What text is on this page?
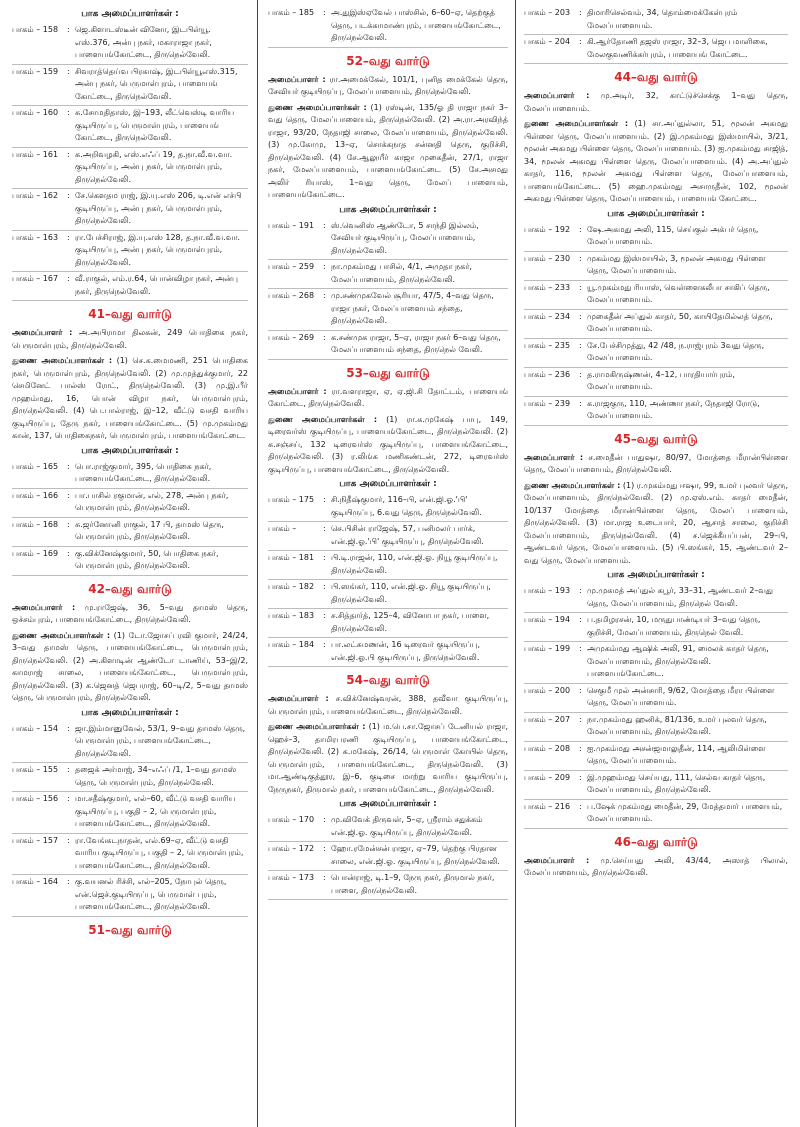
பாக அமைப்பாளர்கள் :
பாகம் – 158	: ஜெ.கிளாடஸ்டீன் வினோ, இடபிள்யூ. எஸ்.376, அன்பு நகர், மகாராஜா நகர், பாளையங்கோட்டை, திருநெல்வேலி.
பாகம் – 159	: சிவராத்தெய்வ பிரகாஷ், இடபிள்யூஎஸ்.315, அன்பு நகர், பெருமாள்புரம், பாளையங் கோட்டை, திருநெல்வேலி.
பாகம் – 160	: சு.சோமதிதாஸ், இ–193, லீட்வெஸ்டி வாரிய குடியிருப்பு, பெருமாள்புரம், பாளையங் கோட்டை, திருநெல்வேலி.
பாகம் – 161	: க.அறிவழகி, எஸ்.எஃப் 19, த.நா.வீ.வ.வா. குடியிருப்பு, அன்பு நகர், பெருமாள்புரம், திருநெல்வேலி.
பாகம் – 162	: சே.கௌதம ராஜ், இ.யு.எஸ் 206, டி.என் எச்பி குடியிருப்பு, அன்பு நகர், பெருமாள்புரம், திருநெல்வேலி.
பாகம் – 163	: ரா.பேச்சிராஜ், இ.யு.எஸ் 128, த.நா.வீ.வ.வா. குடியிருப்பு, அன்பு நகர், பெருமாள்புரம், திருநெல்வேலி.
பாகம் – 167	: வீ.ராகுல், எம்.ர.64, பொன்விழா நகர், அன்பு நகர், திருநெல்வேலி.
41–வது வார்டு
அமைப்பாளர் : அ.அபிராமா திலகன், 249 பொதிகை நகர், பெருமாள்புரம், திருநெல்வேலி.
துணை அமைப்பாளர்கள் : (1) செ.க.மைமணி, 251 பொதிகை நகர், பெருமாள்புரம், திருநெல்வேலி. (2) மு.முத்துக்குமார், 22 செமினேட் பால்ஸ் ரோட், திருநெல்வேலி. (3) மு.இ.பீர் முஹம்மது, 16, பொன் விழா நகர், பெருமாள்புரம், திருநெல்வேலி. (4) பெ.பால்ராஜ், இ–12, வீட்டு வசதி வாரிய குடியிருப்பு, தேரு நகர், பாளையங்கோட்டை. (5) மு.முகம்மது கான், 137, பொதிகைநகர், பெருமாள்புரம், பாளையங்கோட்டை.
பாக அமைப்பாளர்கள் :
பாகம் – 165	: பொ.ராஜ்குமார், 395, பொதிகை நகர், பாளையங்கோட்டை, திருநெல்வேலி.
பாகம் – 166	: பா.பாசில் ரகுமான், எல், 278, அன்பு நகர், பெருமாள்புரம், திருநெல்வேலி.
பாகம் – 168	: சு.ஜர்னோனி ராகுல், 17 பி, தாமஸ் தெரு, பெருமாள்புரம், திருநெல்வேலி.
பாகம் – 169	: கு.விக்னேஷ்குமார், 50, பொதிகை நகர், பெருமாள்புரம், திருநெல்வேலி.
42–வது வார்டு
அமைப்பாளர் : மு.ராஜேஷ், 36, 5–வது தாமஸ் தெரு, ஒச்சம்புரம், பாளையங்கோட்டை, திருநெல்வேலி.
துணை அமைப்பாளர்கள் : (1) டோ.ஜோசப் ரவி குமார், 24/24, 3–வது தாமஸ் தெரு, பாளையங்கோட்டை, பெருமாள்புரம், திருநெல்வேலி. (2) அ.கிளாடின் ஆண்டோ டாணிய், 53–இ/2, காமராஜ் சாலை, பாளையங்கோட்டை, பெருமாள்புரம், திருநெல்வேலி. (3) க.ஜெனத் ஜெபராஜ், 60–டி/2, 5–வது தாமஸ் தெரு, பெருமாள்புரம், திருநெல்வேலி.
பாக அமைப்பாளர்கள் :
பாகம் – 154	: ஜா.இம்மானுவேல், 53/1, 9–வது தாமஸ் தெரு, பெருமாள்புரம், பாளையங்கோட்டை, திருநெல்வேலி.
பாகம் – 155	: தஜைக் அர்மாஜ், 34–எஃப் /1, 1–வது தாமஸ் தெரு, பெருமாள்புரம், திருநெல்வேலி.
பாகம் – 156	: மா.சதீஷ்குமார், எல்–60, வீட்டு வசதி வாரிய குடியிருப்பு, பகுதி – 2, பெருமாள்புரம், பாளையங்கோட்டை, திருநெல்வேலி.
பாகம் – 157	: ரா.வேங்கடநாதன், எல்.69–ஏ, வீட்டு வசதி வாரிய குடியிருப்பு, பகுதி – 2, பெருமாள்புரம், பாளையங்கோட்டை, திருநெல்வேலி.
பாகம் – 164	: கு.வயனல் ரிச்சி, எல்–205, நோபுல் தெரு, என்.ஜெச்.குடியிருப்பு, பெருமாள் புரம், பாளையங்கோட்டை, திருநெல்வேலி.
51–வது வார்டு
பாகம் – 185	: அ.துஇஸ்ஏவேல் பாஸ்சில், 6–60–ஏ, தெற்குத் தெரு, படக்காமாண்புரம், பாளையங்கோட்டை, திருநெல்வேலி.
52–வது வார்டு
அமைப்பாளர் : ரா.அமைக்கேல், 101/1, புனித மைக்கேல் தெரு, சேவியர் குடியிருப்பு, மேலப்பாளையம், திருநெல்வேலி.
துணை அமைப்பாளர்கள் : (1) ரஸ்டின், 135/ஓ தி ராஜா நகர் 3–வது தெரு, மேலப்பாளையம், திருநெல்வேலி. (2) அ.ரா.அரவிந்த் ராஜா, 93/20, நேதாஜி சாலை, மேலப்பாளையம், திருநெல்வேலி. (3) மு.கோமு, 13–ஏ, சொக்கநாத சன்னதி தெரு, குறிச்சி, திருநெல்வேலி. (4) சே.ஆலுயீர் காஜா முகைதீன், 27/1, ராஜா நகர், மேலப்பாளையம், பாளையங்கோட்டை (5) சே.அசமது அலிர் ரியாஸ், 1–வது தெரு, மேலப் பாளையம், பாளையங்கோட்டை.
பாக அமைப்பாளர்கள் :
பாகம் – 191	: ஸ்.வெனிஸ் ஆண்டோ, 5 சாந்தி இல்லம், சேவியர் குடியிருப்பு, மேலப்பாளையம், திருநெல்வேலி.
பாகம் – 259	: நா.முகம்மது பாசில், 4/1, அமுதா நகர், மேலப்பாளையம், திருநெல்வேலி.
பாகம் – 268	: மு.சண்முகவேல் சூரியா, 47/5, 4–வது தெரு, ராஜா நகர், மேலப்பாளையம் சந்தை, திருநெல்வேலி.
பாகம் – 269	: க.சண்முக ராஜா, 5–ஏ, ராஜா நகர் 6–வது தெரு, மேலப்பாளையம் சந்தை, திருநெல் வேலி.
53–வது வார்டு
அமைப்பாளர் : ரா.வளராஜா, ஏ, ஏ.ஜி.சி தோட்டம், பாளையங் கோட்டை, திருநெல்வேலி.
துணை அமைப்பாளர்கள் : (1) ரா.க.முகேஷ் பாபு, 149, டிரைவர்ஸ் குடியிருப்பு, பாளையங்கோட்டை, திருநெல்வேலி. (2) க.சஞ்சய், 132 டிரைவர்ஸ் குடியிருப்பு, பாளையங்கோட்டை, திருநெல்வேலி. (3) ர.லிங்க மணிகண்டன், 272, டிரைவர்ஸ் குடியிருப்பு, பாளையங்கோட்டை, திருநெல்வேலி.
பாக அமைப்பாளர்கள் :
பாகம் – 175	: சி.நிதீஷ்குமார், 116–பி, என்.ஜி.ஓ.'பி' குடியிருப்பு, 6.வது தெரு, திருநெல்வேலி.
பாகம் –	: செ.பிசின் ராஜேஷ், 57, பனிமலர் பார்க், என்.ஜி.ஓ.'பி' குடியிருப்பு, திருநெல்வேலி.
பாகம் – 181	: பி.டி.ராஜன், 110, என்.ஜி.ஓ. நியூ குடியிருப்பு, திருநெல்வேலி.
பாகம் – 182	: பி.ஸங்கர், 110, என்.ஜி.ஓ. நியூ குடியிருப்பு, திருநெல்வேலி.
பாகம் – 183	: ச.சித்தார்த், 125–4, வினோபா நகர், பாளை, திருநெல்வேலி.
பாகம் – 184	: பா.லட்சுமணன், 16 டிரைவர் குடியிருப்பு, என்.ஜி.ஓ.பி குடியிருப்பு, திருநெல்வேலி.
54–வது வார்டு
அமைப்பாளர் : ச.விக்னேஷ்வரன், 388, தவீவா குடியிருப்பு, பெருமாள்புரம், பாளையங்கோட்டை, திருநெல்வேலி.
துணை அமைப்பாளர்கள் : (1) ம.பெ.சா.ஜோசப் டேனியல் ராஜா, ஹெச்–3, தாமிரபரணி குடியிருப்பு, பாளையங்கோட்டை, திருநெல்வேலி. (2) க.மகேஷ், 26/14, பெருமாள் கோயில் தெரு, பெருமாள்புரம், பாளையங்கோட்டை, திருநெல்வேலி. (3) மா.ஆண்டிகுத்தூர, இ–6, குடிசை மாற்று வாரிய குடியிருப்பு, நேருநகர், திருமால் நகர், பாளையங்கோட்டை, திருநெல்வேலி.
பாக அமைப்பாளர்கள் :
பாகம் – 170	: மு.விவேக் திருவள், 5–ஏ, ஸ்ரீராம் சதுக்கம் என்.ஜி.ஓ. குடியிருப்பு, திருநெல்வேலி.
பாகம் – 172	: ஹோ.ரமேன்சன் ராஜா, ஏ–79, தெற்கு பிரதான சாலை, என்.ஜி.ஓ. குடியிருப்பு, திருநெல்வேலி.
பாகம் – 173	: பொன்ராஜ், டி.1–9, நேரு நகர், திருமால் நகர், பாளை, திருநெல்வேலி.
பாகம் – 203	: திமாரிசெல்வம், 34, தொம்மைக்கேள்புரம் மேலப்பாளையம்.
பாகம் – 204	: கி.ஆர்தோணி தஜஸ் ராஜா, 32–3, ஜெப மாளிகை, மேலகுவணிக்கர்புரம், பாளையங் கோட்டை.
44–வது வார்டு
அமைப்பாளர் : மு.அடிர், 32, காட்டுச்செக்கு 1–வது தெரு, மேலப்பாளையம்.
துணை அமைப்பாளர்கள் : (1) சா.அப்துல்லா, 51, மூலன் அகமது பிள்ளை தெரு, மேலப்பாளையம். (2) இ.முகம்மது இஸ்மாயில், 3/21, மூலன் அகமது பிள்ளை தெரு, மேலப்பாளையம். (3) ஐ.முகம்மது சாஜித், 34, மூலன் அகமது பிள்ளை தெரு, மேலப்பாளையம். (4) அ.அப்துல் காதர், 116, மூலன் அகமது பிள்ளை தெரு, மேலப்பாளையம், பாளையங்கோட்டை. (5) ஹை.முகம்மது அசாருதீன், 102, மூலன் அகமது பிள்ளை தெரு, மேலப்பாளையம், பாளையங் கோட்டை.
பாக அமைப்பாளர்கள் :
பாகம் – 192	: ஷே.அகமது அலி, 115, செய்குல் அக்பர் தெரு, மேலப்பாளையம்.
பாகம் – 230	: முகம்மது இஸ்மாயில், 3, மூலன் அகமது பிள்ளை தெரு, மேலப்பாளையம்.
பாகம் – 233	: யூ.முகம்மது ரியாஸ், வெள்ளைகலீபா சாகிப் தெரு, மேலப்பாளையம்.
பாகம் – 234	: முகைதீன் அப்துல் காதர், 50, காயிதேமில்லத் தெரு, மேலப்பாளையம்.
பாகம் – 235	: சே.பேச்சிமுத்து, 42 /48, ந.ராஜ்புரம் 3வது தெரு, மேலப்பாளையம்.
பாகம் – 236	: த.ராமகிருஷ்ணன், 4–12, பாரதியார்புரம், மேலப்பாளையம்.
பாகம் – 239	: க.ராஜகுரு, 110, அண்ணா நகர், நேதாஜி ரோடு, மேலப்பாளையம்.
45–வது வார்டு
அமைப்பாளர் : ச.மைதீன் பாதுஷா, 80/97, மோத்தை மீரான்பிள்ளை தெரு, மேலப்பாளையம், திருநெல்வேலி.
துணை அமைப்பாளர்கள் : (1) ர.முகம்மது ஈஷா, 99, உமர் புலவர் தெரு, மேலப்பாளையம், திருநெல்வேலி. (2) மு.ஏஸ்.எம். காதர் மைதீன், 10/137 மோத்தை மீரான்பிள்ளை தெரு, மேலப் பாளையம், திருநெல்வேலி. (3) மா.ராஜ உடையார், 20, ஆசாத் சாலை, குறிச்சி மேலப்பாளையம், திருநெல்வேலி. (4) ச.ஜெக்கீயப்பன், 29–பி, ஆண்டவர் தெரு, மேலப்பாளையம். (5) பி.ஸங்கர், 15, ஆண்டவர் 2–வது தெரு, மேலப்பாளையம்.
பாக அமைப்பாளர்கள் :
பாகம் – 193	: மு.முகமத் அப்துல் கபூர், 33–31, ஆண்டவர் 2–வது தெரு, மேலப்பாளையம், திருநெல் வேலி.
பாகம் – 194	: ப.தமிழரசன், 10, மருதுபாண்டியர் 3–வது தெரு, குறிச்சி, மேலப்பாளையம், திருநெல் வேலி.
பாகம் – 199	: அமுகம்மது ஆஷிக் அலி, 91, மைலக் காதர் தெரு, மேலப்பாளையம், திருநெல்வேலி. பாளையங்கோட்டை.
பாகம் – 200	: செகுமீ முல் அன்சாரி, 9/62, மோத்தை மீரா பிள்ளை தெரு, மேலப்பாளையம்.
பாகம் – 207	: நா.முகம்மது ஹனிக், 81/136, உமர் புலவர் தெரு, மேலப்பாளையம், திருநெல்வேலி.
பாகம் – 208	: ஐ.முகம்மது அசன்ஜமாலுதீன், 114, ஆலிமிள்ளை தெரு, மேலப்பாளையம்.
பாகம் – 209	: இ.முஹம்மது செய்யது, 111, செல்வ காதர் தெரு, மேலப்பாளையம், திருநெல்வேலி.
பாகம் – 216	: ப.ஷேக் முகம்மது மைதீன், 29, மேத்தமார் பாளையம், மேலப்பாளையம்.
46–வது வார்டு
அமைப்பாளர் : மு.செய்யது அலி, 43/44, அஸாத் பிலால், மேலப்பாளையம், திருநெல்வேலி.
